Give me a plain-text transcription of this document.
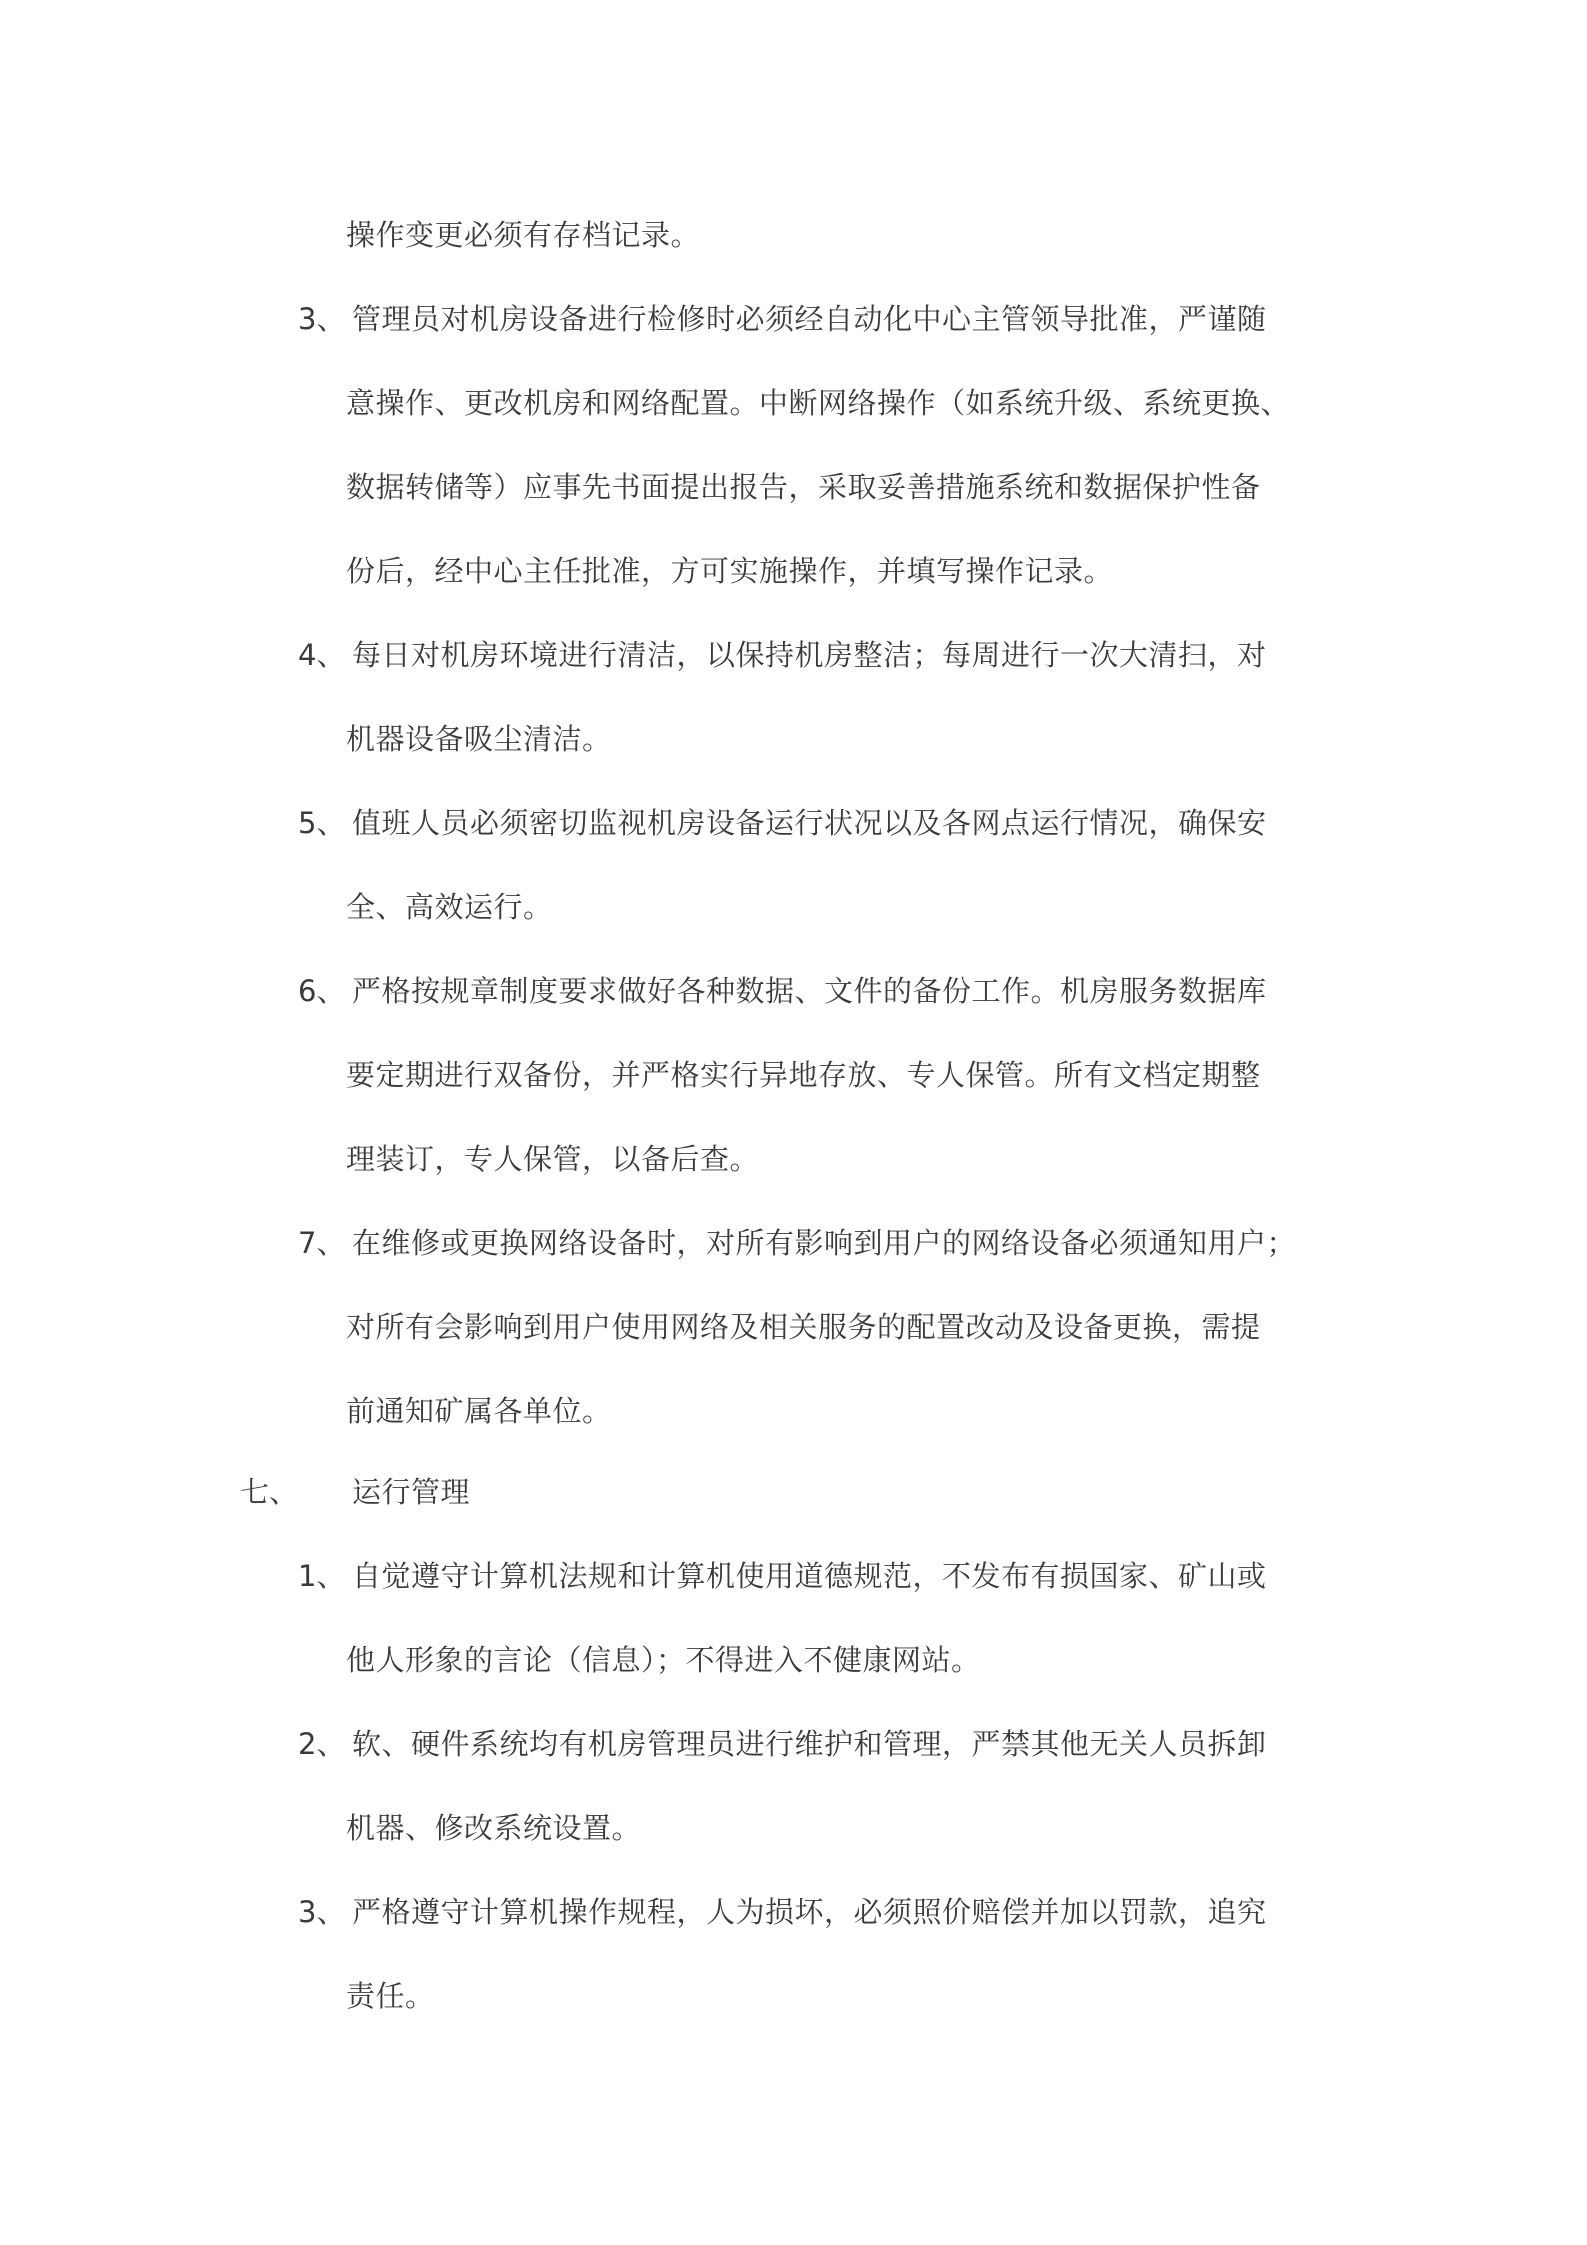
操作变更必须有存档记录。
3、 管理员对机房设备进行检修时必须经自动化中心主管领导批准，严谨随
意操作、更改机房和网络配置。中断网络操作（如系统升级、系统更换、
数据转储等）应事先书面提出报告，采取妥善措施系统和数据保护性备
份后，经中心主任批准，方可实施操作，并填写操作记录。
4、 每日对机房环境进行清洁，以保持机房整洁；每周进行一次大清扫，对
机器设备吸尘清洁。
5、 值班人员必须密切监视机房设备运行状况以及各网点运行情况，确保安
全、高效运行。
6、 严格按规章制度要求做好各种数据、文件的备份工作。机房服务数据库
要定期进行双备份，并严格实行异地存放、专人保管。所有文档定期整
理装订，专人保管，以备后查。
7、 在维修或更换网络设备时，对所有影响到用户的网络设备必须通知用户；
对所有会影响到用户使用网络及相关服务的配置改动及设备更换，需提
前通知矿属各单位。
七、 运行管理
1、 自觉遵守计算机法规和计算机使用道德规范，不发布有损国家、矿山或
他人形象的言论（信息）；不得进入不健康网站。
2、 软、硬件系统均有机房管理员进行维护和管理，严禁其他无关人员拆卸
机器、修改系统设置。
3、 严格遵守计算机操作规程，人为损坏，必须照价赔偿并加以罚款，追究
责任。
